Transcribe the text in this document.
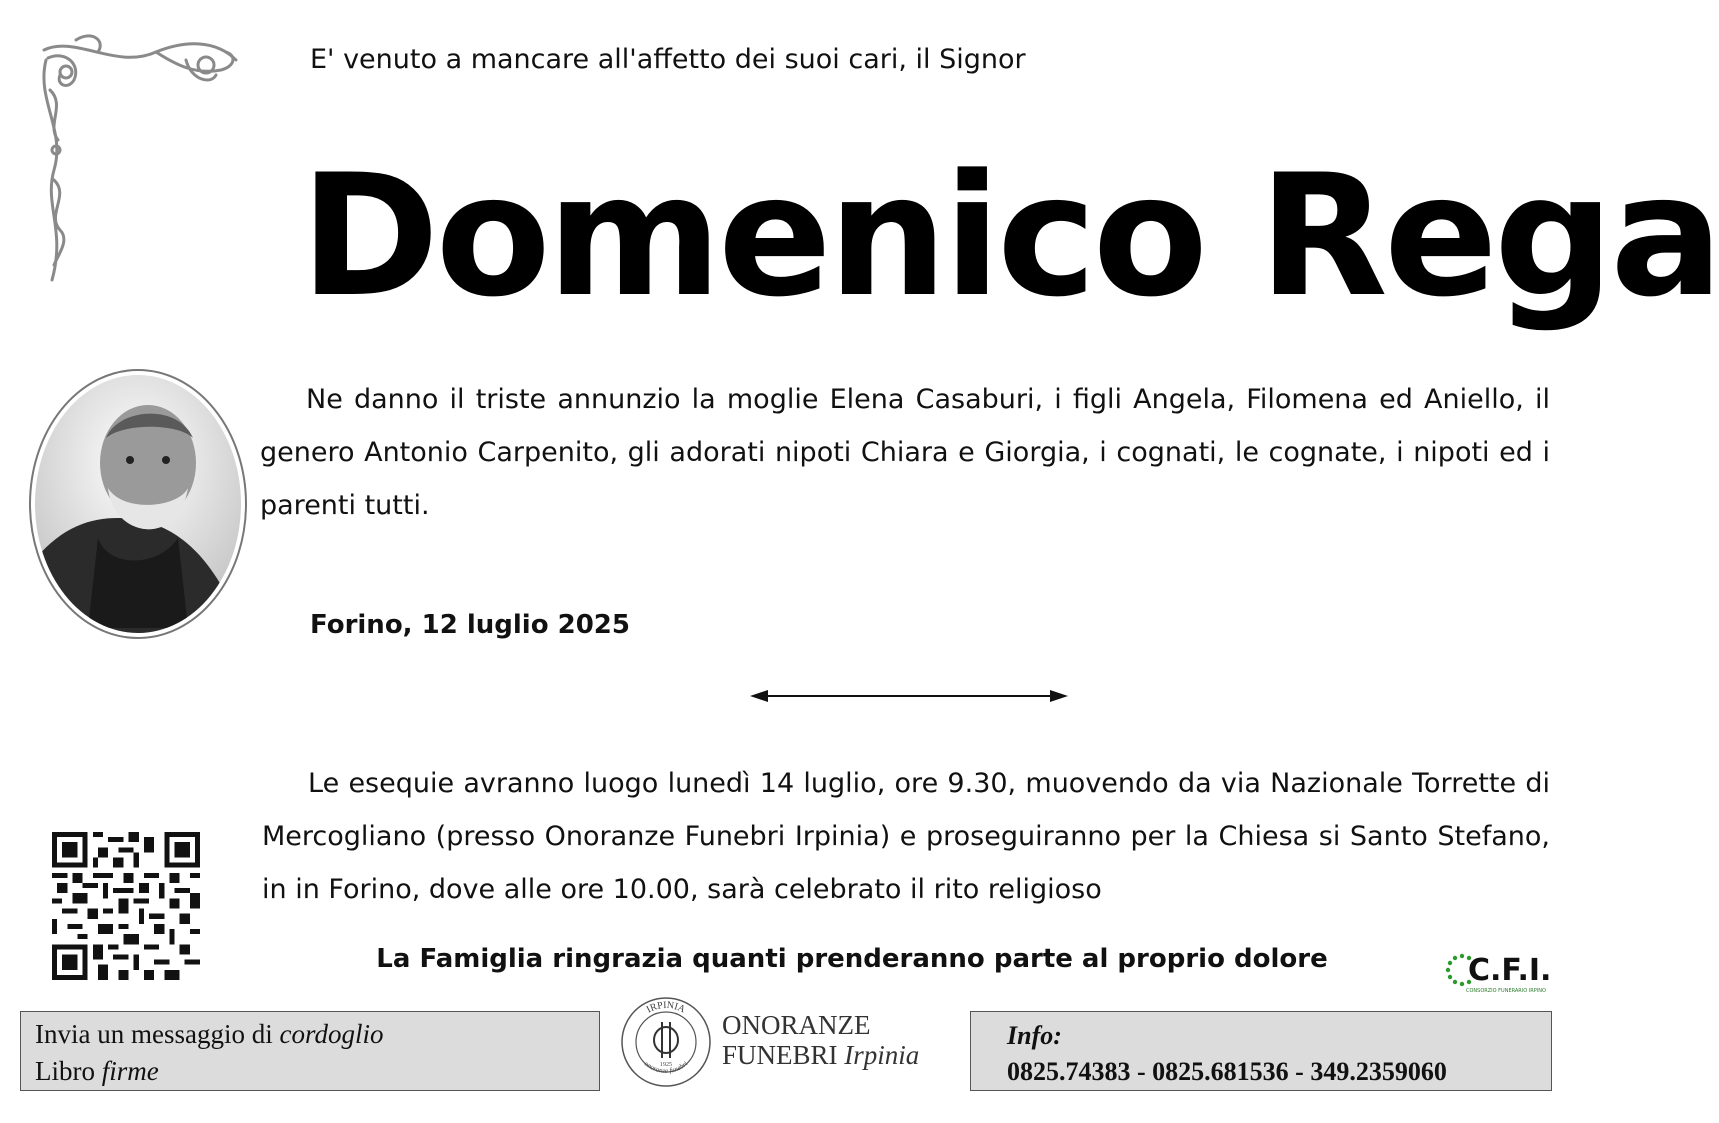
E' venuto a mancare all'affetto dei suoi cari, il Signor
Domenico Rega
Ne danno il triste annunzio la moglie Elena Casaburi, i figli Angela, Filomena ed Aniello, il genero Antonio Carpenito, gli adorati nipoti Chiara e Giorgia, i cognati, le cognate, i nipoti ed i parenti tutti.
Forino, 12 luglio 2025
Le esequie avranno luogo lunedì 14 luglio, ore 9.30, muovendo da via Nazionale Torrette di Mercogliano (presso Onoranze Funebri Irpinia) e proseguiranno per la Chiesa si Santo Stefano, in in Forino, dove alle ore 10.00, sarà celebrato il rito religioso
La Famiglia ringrazia quanti prenderanno parte al proprio dolore	C.F.I.
CONSORZIO FUNERARIO IRPINO
Invia un messaggio di cordoglio
Libro firme
IRPINIA
onoranze funebri
1925
ONORANZE
FUNEBRI Irpinia
Info:
0825.74383 - 0825.681536 - 349.2359060
